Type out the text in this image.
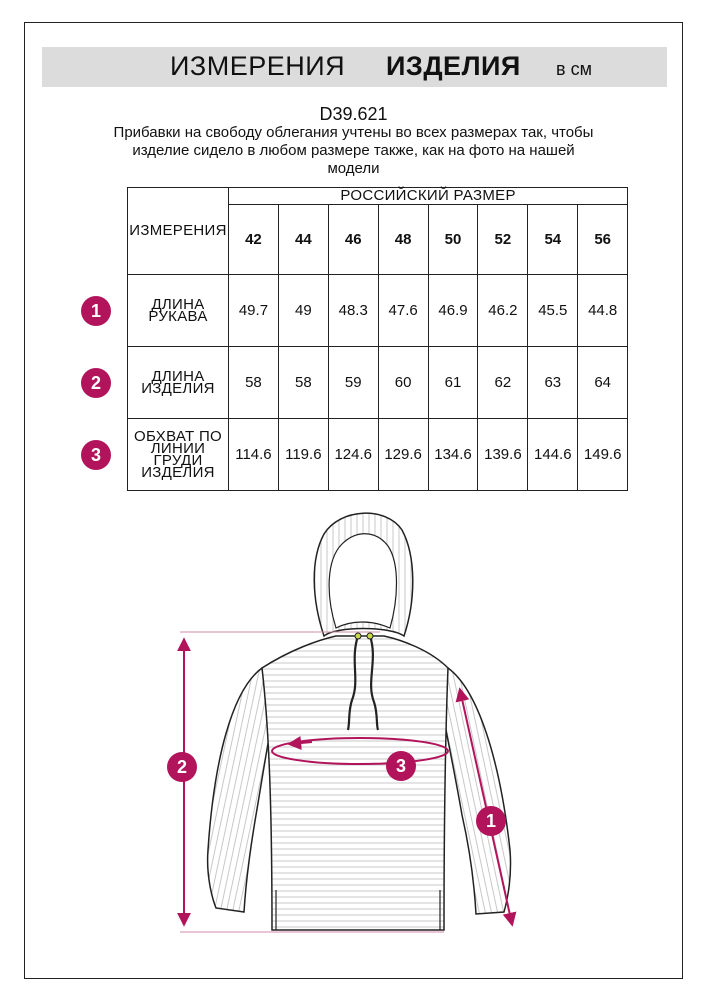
ИЗМЕРЕНИЯ ИЗДЕЛИЯ в см
D39.621
Прибавки на свободу облегания учтены во всех размерах так, чтобы
изделие сидело в любом размере также, как на фото на нашей
модели
ИЗМЕРЕНИЯ	РОССИЙСКИЙ РАЗМЕР							
	42	44	46	48	50	52	54	56
ДЛИНА РУКАВА	49.7	49	48.3	47.6	46.9	46.2	45.5	44.8

ДЛИНА
ИЗДЕЛИЯ	58	58	59	60	61	62	63	64

ОБХВАТ ПО
ЛИНИИ ГРУДИ
ИЗДЕЛИЯ	114.6	119.6	124.6	129.6	134.6	139.6	144.6	149.6
1
2
3
2	3
1
